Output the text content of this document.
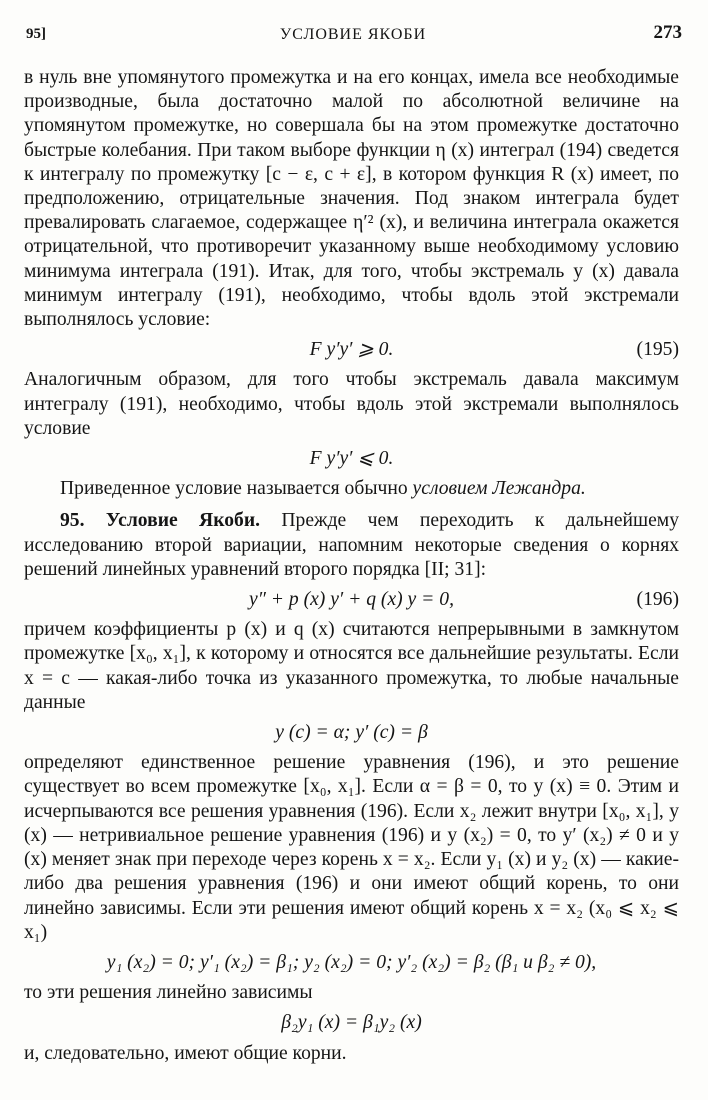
95]	УСЛОВИЕ ЯКОБИ	273

в нуль вне упомянутого промежутка и на его концах, имела все необходимые производные, была достаточно малой по абсолютной величине на упомянутом промежутке, но совершала бы на этом промежутке достаточно быстрые колебания. При таком выборе функции η (x) интеграл (194) сведется к интегралу по промежутку [c − ε, c + ε], в котором функция R (x) имеет, по предположению, отрицательные значения. Под знаком интеграла будет превалировать слагаемое, содержащее η′² (x), и величина интеграла окажется отрицательной, что противоречит указанному выше необходимому условию минимума интеграла (191). Итак, для того, чтобы экстремаль y (x) давала минимум интегралу (191), необходимо, чтобы вдоль этой экстремали выполнялось условие:

F y′y′ ⩾ 0.	(195)

Аналогичным образом, для того чтобы экстремаль давала максимум интегралу (191), необходимо, чтобы вдоль этой экстремали выполнялось условие

F y′y′ ⩽ 0.

Приведенное условие называется обычно условием Лежандра.

95. Условие Якоби. Прежде чем переходить к дальнейшему исследованию второй вариации, напомним некоторые сведения о корнях решений линейных уравнений второго порядка [II; 31]:

y″ + p (x) y′ + q (x) y = 0,	(196)

причем коэффициенты p (x) и q (x) считаются непрерывными в замкнутом промежутке [x₀, x₁], к которому и относятся все дальнейшие результаты. Если x = c — какая-либо точка из указанного промежутка, то любые начальные данные

y (c) = α; y′ (c) = β

определяют единственное решение уравнения (196), и это решение существует во всем промежутке [x₀, x₁]. Если α = β = 0, то y (x) ≡ 0. Этим и исчерпываются все решения уравнения (196). Если x₂ лежит внутри [x₀, x₁], y (x) — нетривиальное решение уравнения (196) и y (x₂) = 0, то y′ (x₂) ≠ 0 и y (x) меняет знак при переходе через корень x = x₂. Если y₁ (x) и y₂ (x) — какие-либо два решения уравнения (196) и они имеют общий корень, то они линейно зависимы. Если эти решения имеют общий корень x = x₂ (x₀ ⩽ x₂ ⩽ x₁)

y₁ (x₂) = 0; y′₁ (x₂) = β₁; y₂ (x₂) = 0; y′₂ (x₂) = β₂ (β₁ и β₂ ≠ 0),

то эти решения линейно зависимы

β₂y₁ (x) = β₁y₂ (x)

и, следовательно, имеют общие корни.
